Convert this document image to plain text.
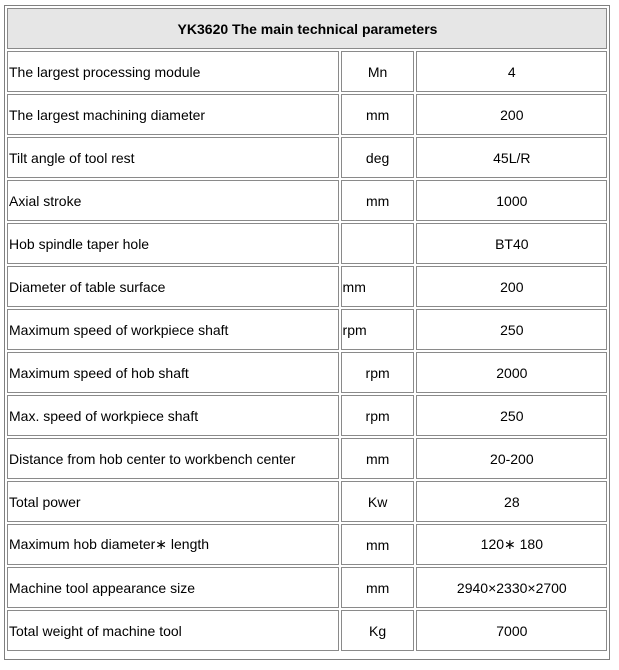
YK3620 The main technical parameters		
The largest processing module	Mn	4
The largest machining diameter	mm	200
Tilt angle of tool rest	deg	45L/R
Axial stroke	mm	1000
Hob spindle taper hole		BT40
Diameter of table surface	mm	200
Maximum speed of workpiece shaft	rpm	250
Maximum speed of hob shaft	rpm	2000
Max. speed of workpiece shaft	rpm	250
Distance from hob center to workbench center	mm	20-200
Total power	Kw	28
Maximum hob diameter∗ length	mm	120∗ 180
Machine tool appearance size	mm	2940×2330×2700
Total weight of machine tool	Kg	7000
